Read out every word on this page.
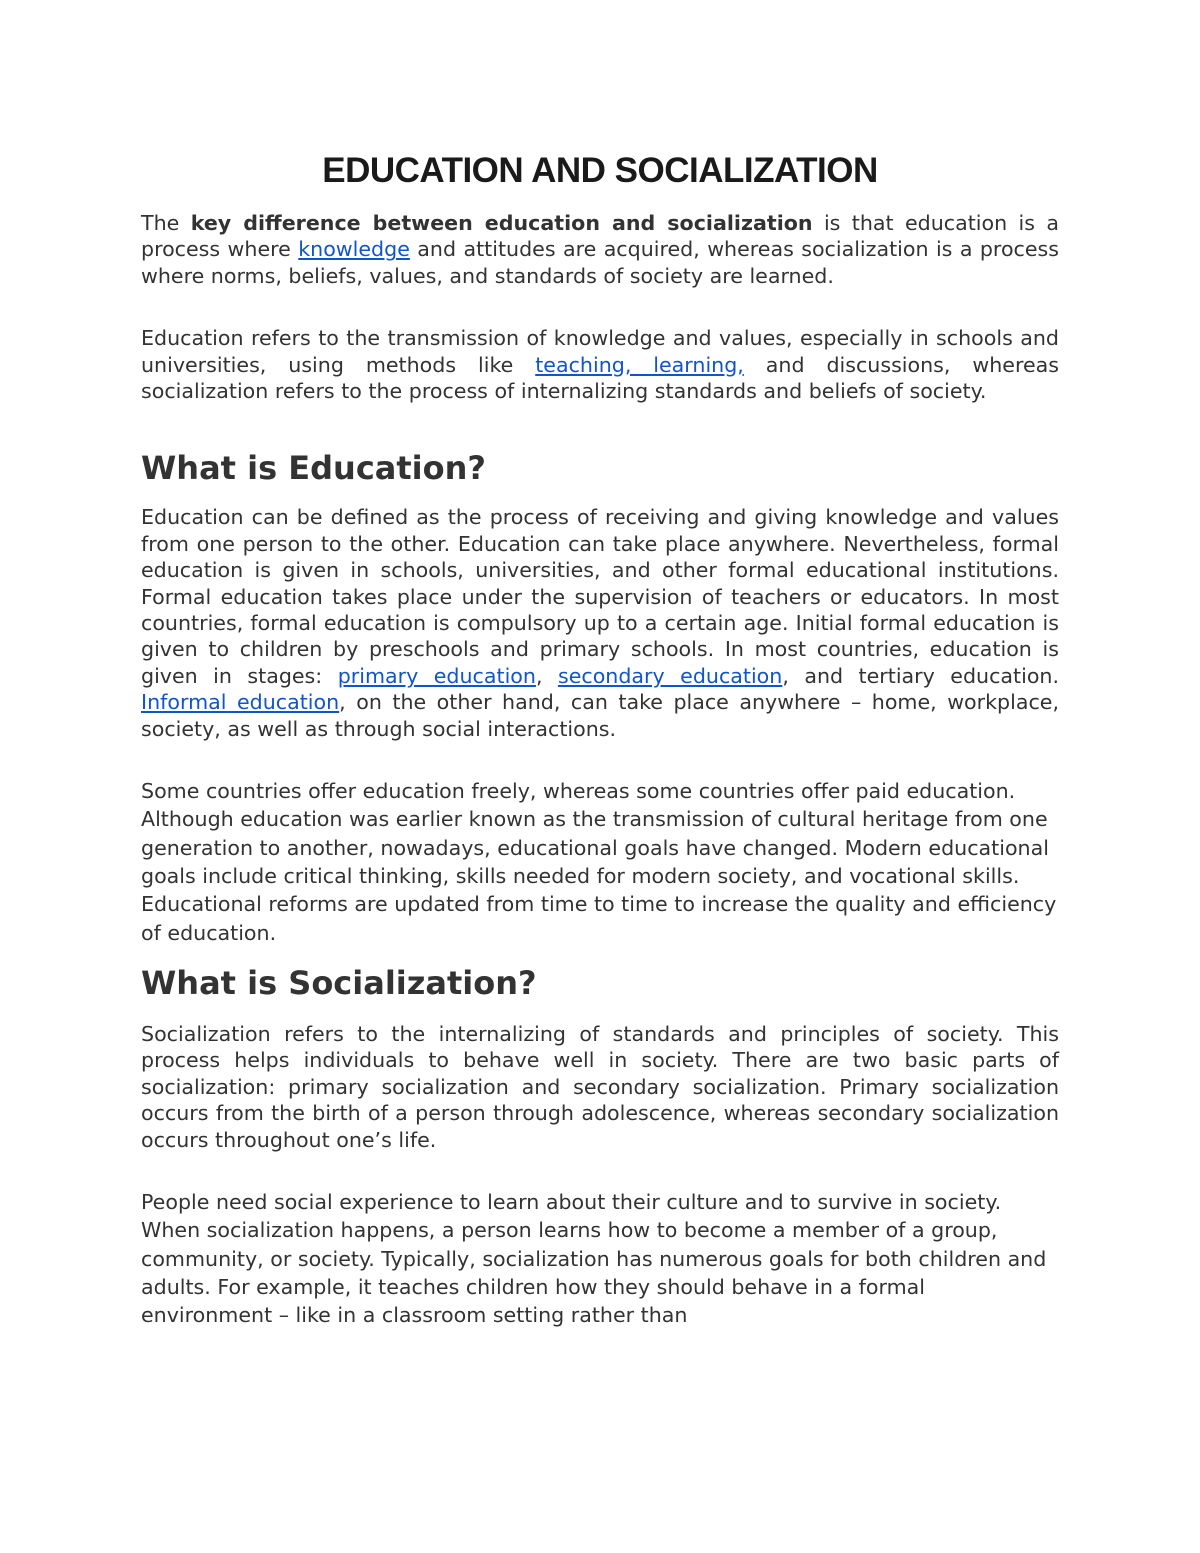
EDUCATION AND SOCIALIZATION

The key difference between education and socialization is that education is a process where knowledge and attitudes are acquired, whereas socialization is a process where norms, beliefs, values, and standards of society are learned.

Education refers to the transmission of knowledge and values, especially in schools and universities, using methods like teaching, learning, and discussions, whereas socialization refers to the process of internalizing standards and beliefs of society.

What is Education?

Education can be defined as the process of receiving and giving knowledge and values from one person to the other. Education can take place anywhere. Nevertheless, formal education is given in schools, universities, and other formal educational institutions. Formal education takes place under the supervision of teachers or educators. In most countries, formal education is compulsory up to a certain age. Initial formal education is given to children by preschools and primary schools. In most countries, education is given in stages: primary education, secondary education, and tertiary education. Informal education, on the other hand, can take place anywhere – home, workplace, society, as well as through social interactions.

Some countries offer education freely, whereas some countries offer paid education. Although education was earlier known as the transmission of cultural heritage from one generation to another, nowadays, educational goals have changed. Modern educational goals include critical thinking, skills needed for modern society, and vocational skills. Educational reforms are updated from time to time to increase the quality and efficiency of education.

What is Socialization?

Socialization refers to the internalizing of standards and principles of society. This process helps individuals to behave well in society. There are two basic parts of socialization: primary socialization and secondary socialization. Primary socialization occurs from the birth of a person through adolescence, whereas secondary socialization occurs throughout one’s life.

People need social experience to learn about their culture and to survive in society. When socialization happens, a person learns how to become a member of a group, community, or society. Typically, socialization has numerous goals for both children and adults. For example, it teaches children how they should behave in a formal environment – like in a classroom setting rather than
